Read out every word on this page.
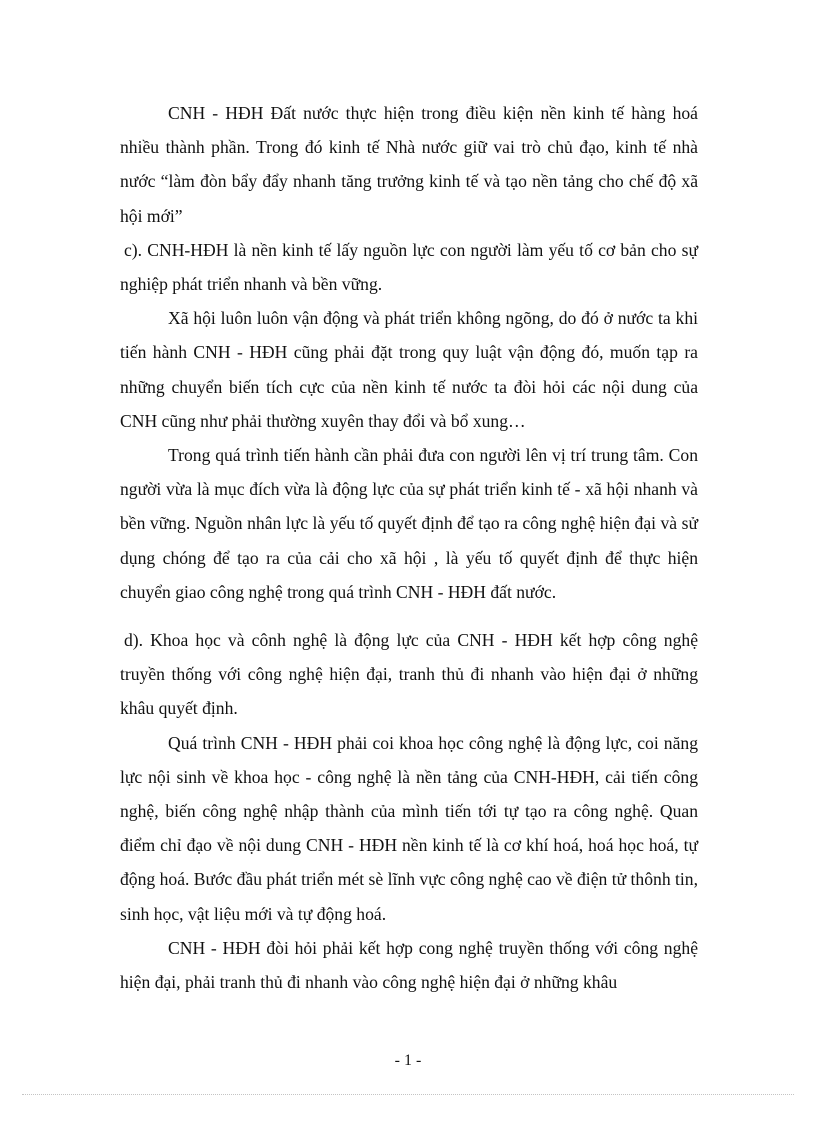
CNH - HĐH Đất nước thực hiện trong điều kiện nền kinh tế hàng hoá nhiều thành phần. Trong đó kinh tế Nhà nước giữ vai trò chủ đạo, kinh tế nhà nước “làm đòn bẩy đẩy nhanh tăng trưởng kinh tế và tạo nền tảng cho chế độ xã hội mới”

c). CNH-HĐH là nền kinh tế lấy nguồn lực con người làm yếu tố cơ bản cho sự nghiệp phát triển nhanh và bền vững.

Xã hội luôn luôn vận động và phát triển không ngõng, do đó ở nước ta khi tiến hành CNH - HĐH cũng phải đặt trong quy luật vận động đó, muốn tạp ra những chuyển biến tích cực của nền kinh tế nước ta đòi hỏi các nội dung của CNH cũng như phải thường xuyên thay đổi và bổ xung…

Trong quá trình tiến hành cần phải đưa con người lên vị trí trung tâm. Con người vừa là mục đích vừa là động lực của sự phát triển kinh tế - xã hội nhanh và bền vững. Nguồn nhân lực là yếu tố quyết định để tạo ra công nghệ hiện đại và sử dụng chóng để tạo ra của cải cho xã hội , là yếu tố quyết định để thực hiện chuyển giao công nghệ trong quá trình CNH - HĐH đất nước.

d). Khoa học và cônh nghệ là động lực của CNH - HĐH kết hợp công nghệ truyền thống với công nghệ hiện đại, tranh thủ đi nhanh vào hiện đại ở những khâu quyết định.

Quá trình CNH - HĐH phải coi khoa học công nghệ là động lực, coi năng lực nội sinh về khoa học - công nghệ là nền tảng của CNH-HĐH, cải tiến công nghệ, biến công nghệ nhập thành của mình tiến tới tự tạo ra công nghệ. Quan điểm chỉ đạo về nội dung CNH - HĐH nền kinh tế là cơ khí hoá, hoá học hoá, tự động hoá. Bước đầu phát triển mét sè lĩnh vực công nghệ cao về điện tử thônh tin, sinh học, vật liệu mới và tự động hoá.

CNH - HĐH đòi hỏi phải kết hợp cong nghệ truyền thống với công nghệ hiện đại, phải tranh thủ đi nhanh vào công nghệ hiện đại ở những khâu

- 1 -
